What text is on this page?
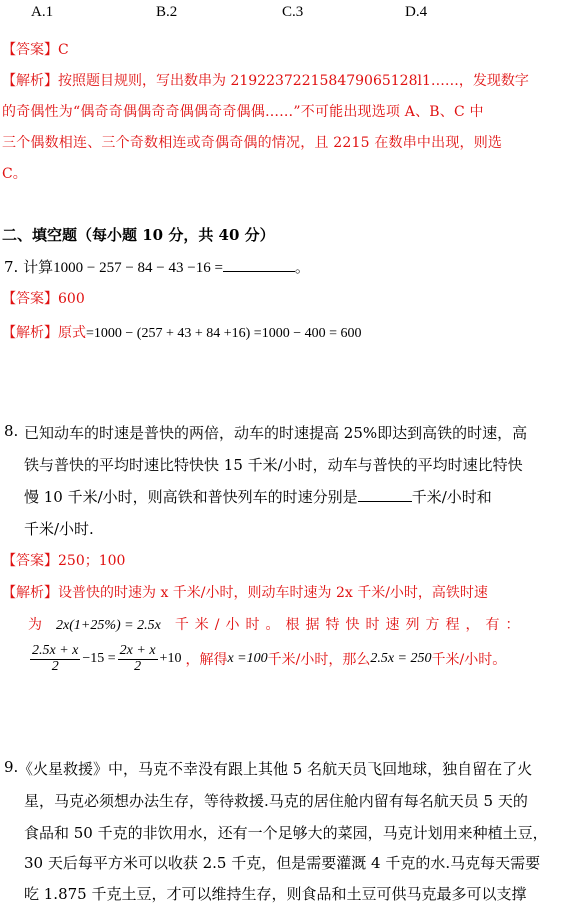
A.1	B.2	C.3	D.4
【答案】C
【解析】按照题目规则，写出数串为 219223722158479065128l1……，发现数字
的奇偶性为“偶奇奇偶偶奇奇偶偶奇奇偶偶……”不可能出现选项 A、B、C 中
三个偶数相连、三个奇数相连或奇偶奇偶的情况，且 2215 在数串中出现，则选
C。
二、填空题（每小题 10 分，共 40 分）
7. 计算1000 − 257 − 84 − 43 −16 =	。
【答案】600
【解析】原式=1000 − (257 + 43 + 84 +16) =1000 − 400 = 600
8. 已知动车的时速是普快的两倍，动车的时速提高 25%即达到高铁的时速，高
铁与普快的平均时速比特快快 15 千米/小时，动车与普快的平均时速比特快
慢 10 千米/小时，则高铁和普快列车的时速分别是	千米/小时和
千米/小时.
【答案】250；100
【解析】设普快的时速为 x 千米/小时，则动车时速为 2x 千米/小时，高铁时速
为 2x(1+25%) = 2.5x 千米/小时。根据特快时速列方程，有：
$\frac{2.5x + x}{2} -15 = \frac{2x + x}{2} +10$ ，解得 x =100 千米/小时，那么 2.5x = 250 千米/小时。
9. 《火星救援》中，马克不幸没有跟上其他 5 名航天员飞回地球，独自留在了火
星，马克必须想办法生存，等待救援.马克的居住舱内留有每名航天员 5 天的
食品和 50 千克的非饮用水，还有一个足够大的菜园，马克计划用来种植土豆，
30 天后每平方米可以收获 2.5 千克，但是需要灌溉 4 千克的水.马克每天需要
吃 1.875 千克土豆，才可以维持生存，则食品和土豆可供马克最多可以支撑
